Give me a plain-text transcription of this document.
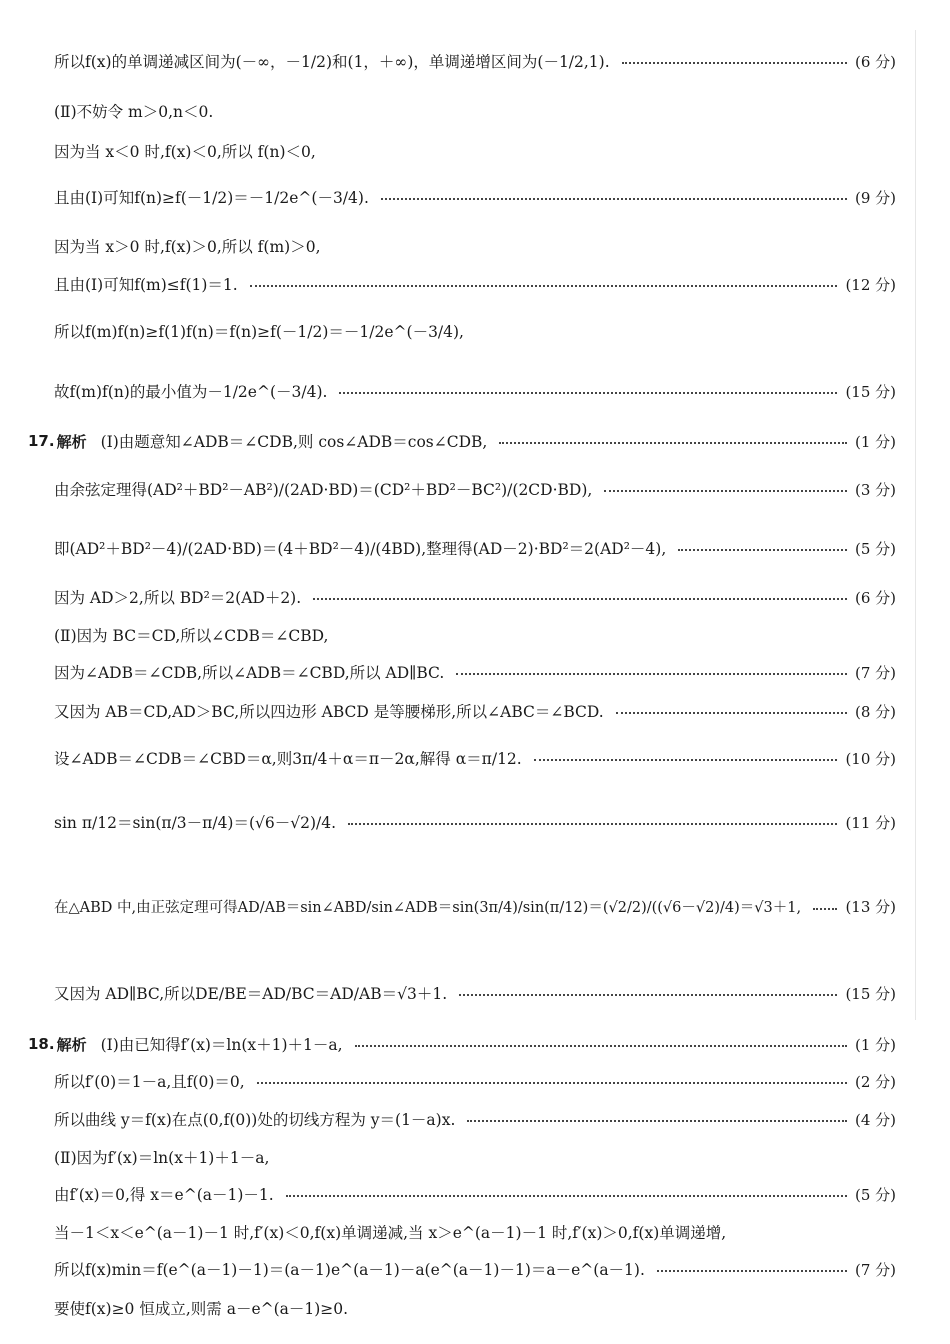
所以f(x)的单调递减区间为(－∞，－1/2)和(1，＋∞)，单调递增区间为(－1/2,1).	(6 分)
(Ⅱ)不妨令 m＞0,n＜0.
因为当 x＜0 时,f(x)＜0,所以 f(n)＜0,
且由(Ⅰ)可知f(n)≥f(－1/2)＝－1/2e^(－3/4).	(9 分)
因为当 x＞0 时,f(x)＞0,所以 f(m)＞0,
且由(Ⅰ)可知f(m)≤f(1)＝1.	(12 分)
所以f(m)f(n)≥f(1)f(n)＝f(n)≥f(－1/2)＝－1/2e^(－3/4),
故f(m)f(n)的最小值为－1/2e^(－3/4).	(15 分)
17. 解析 (Ⅰ)由题意知∠ADB＝∠CDB,则 cos∠ADB＝cos∠CDB,	(1 分)
由余弦定理得(AD²＋BD²－AB²)/(2AD·BD)＝(CD²＋BD²－BC²)/(2CD·BD),	(3 分)
即(AD²＋BD²－4)/(2AD·BD)＝(4＋BD²－4)/(4BD),整理得(AD－2)·BD²＝2(AD²－4),	(5 分)
因为 AD＞2,所以 BD²＝2(AD＋2).	(6 分)
(Ⅱ)因为 BC＝CD,所以∠CDB＝∠CBD,
因为∠ADB＝∠CDB,所以∠ADB＝∠CBD,所以 AD∥BC.	(7 分)
又因为 AB＝CD,AD＞BC,所以四边形 ABCD 是等腰梯形,所以∠ABC＝∠BCD.	(8 分)
设∠ADB＝∠CDB＝∠CBD＝α,则3π/4＋α＝π－2α,解得 α＝π/12.	(10 分)
sin π/12＝sin(π/3－π/4)＝(√6－√2)/4.	(11 分)
在△ABD 中,由正弦定理可得AD/AB＝sin∠ABD/sin∠ADB＝sin(3π/4)/sin(π/12)＝(√2/2)/((√6－√2)/4)＝√3＋1,	(13 分)
又因为 AD∥BC,所以DE/BE＝AD/BC＝AD/AB＝√3＋1.	(15 分)
18. 解析 (Ⅰ)由已知得f′(x)＝ln(x＋1)＋1－a,	(1 分)
所以f′(0)＝1－a,且f(0)＝0,	(2 分)
所以曲线 y＝f(x)在点(0,f(0))处的切线方程为 y＝(1－a)x.	(4 分)
(Ⅱ)因为f′(x)＝ln(x＋1)＋1－a,
由f′(x)＝0,得 x＝e^(a－1)－1.	(5 分)
当－1＜x＜e^(a－1)－1 时,f′(x)＜0,f(x)单调递减,当 x＞e^(a－1)－1 时,f′(x)＞0,f(x)单调递增,
所以f(x)min＝f(e^(a－1)－1)＝(a－1)e^(a－1)－a(e^(a－1)－1)＝a－e^(a－1).	(7 分)
要使f(x)≥0 恒成立,则需 a－e^(a－1)≥0.
